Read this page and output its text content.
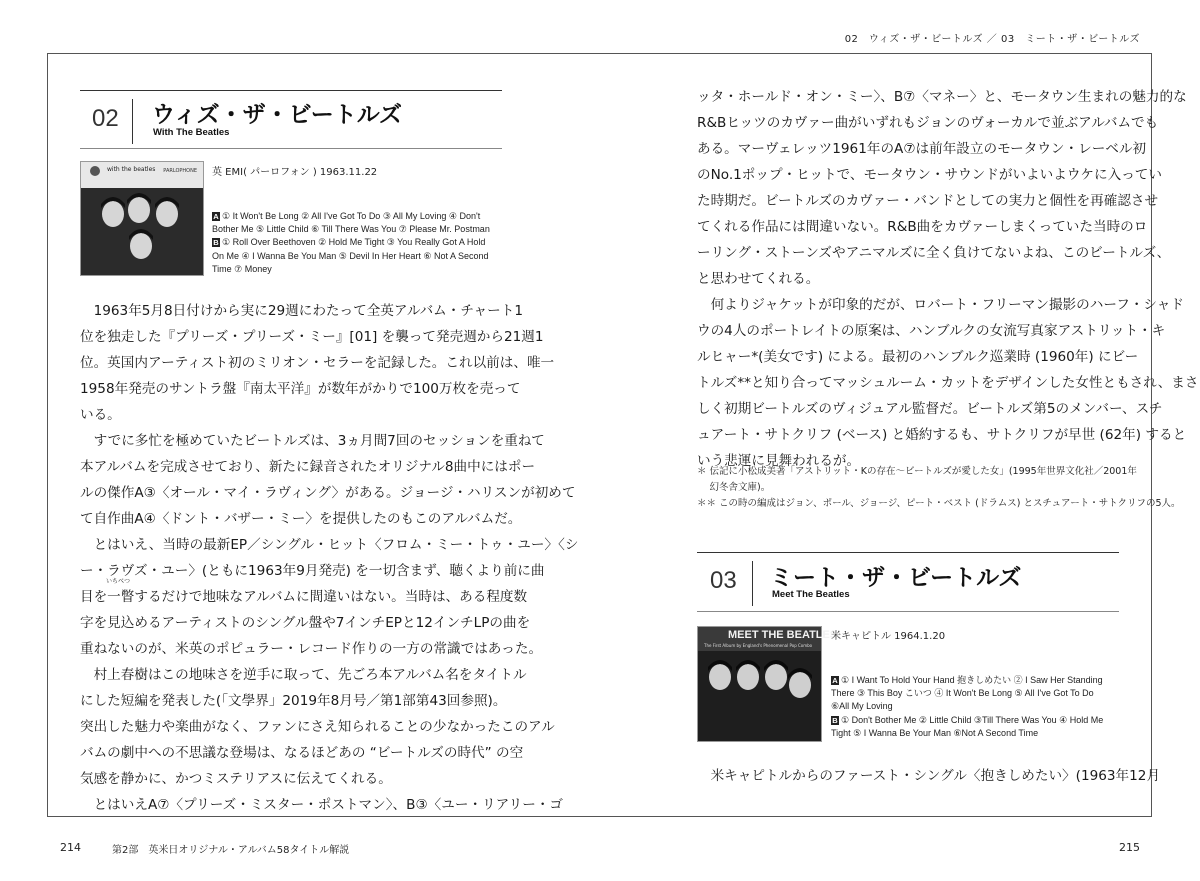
02　ウィズ・ザ・ビートルズ ／ 03　ミート・ザ・ビートルズ
02 ウィズ・ザ・ビートルズ
With The Beatles
with the beatles PARLOPHONE 英 EMI( パーロフォン ) 1963.11.22
A ① It Won't Be Long ② All I've Got To Do ③ All My Loving ④ Don't
Bother Me ⑤ Little Child ⑥ Till There Was You ⑦ Please Mr. Postman
B ① Roll Over Beethoven ② Hold Me Tight ③ You Really Got A Hold
On Me ④ I Wanna Be You Man ⑤ Devil In Her Heart ⑥ Not A Second
Time ⑦ Money
　1963年5月8日付けから実に29週にわたって全英アルバム・チャート1
位を独走した『プリーズ・プリーズ・ミー』[01] を襲って発売週から21週1
位。英国内アーティスト初のミリオン・セラーを記録した。これ以前は、唯一
1958年発売のサントラ盤『南太平洋』が数年がかりで100万枚を売って
いる。
　すでに多忙を極めていたビートルズは、3ヵ月間7回のセッションを重ねて
本アルバムを完成させており、新たに録音されたオリジナル8曲中にはポー
ルの傑作A③〈オール・マイ・ラヴィング〉がある。ジョージ・ハリスンが初めて
て自作曲A④〈ドント・バザー・ミー〉を提供したのもこのアルバムだ。
　とはいえ、当時の最新EP／シングル・ヒット〈フロム・ミー・トゥ・ユー〉〈シ
ー・ラヴズ・ユー〉(ともに1963年9月発売) を一切含まず、聴くより前に曲
目を一瞥するだけで地味なアルバムに間違いはない。当時は、ある程度数
いちべつ
字を見込めるアーティストのシングル盤や7インチEPと12インチLPの曲を
重ねないのが、米英のポピュラー・レコード作りの一方の常識ではあった。
　村上春樹はこの地味さを逆手に取って、先ごろ本アルバム名をタイトル
にした短編を発表した(「文學界」2019年8月号／第1部第43回参照)。
突出した魅力や楽曲がなく、ファンにさえ知られることの少なかったこのアル
バムの劇中への不思議な登場は、なるほどあの “ビートルズの時代” の空
気感を静かに、かつミステリアスに伝えてくれる。
　とはいえA⑦〈プリーズ・ミスター・ポストマン〉、B③〈ユー・リアリー・ゴ
ッタ・ホールド・オン・ミー〉、B⑦〈マネー〉と、モータウン生まれの魅力的な
R&Bヒッツのカヴァー曲がいずれもジョンのヴォーカルで並ぶアルバムでも
ある。マーヴェレッツ1961年のA⑦は前年設立のモータウン・レーベル初
のNo.1ポップ・ヒットで、モータウン・サウンドがいよいよウケに入ってい
た時期だ。ビートルズのカヴァー・バンドとしての実力と個性を再確認させ
てくれる作品には間違いない。R&B曲をカヴァーしまくっていた当時のロ
ーリング・ストーンズやアニマルズに全く負けてないよね、このビートルズ、
と思わせてくれる。
　何よりジャケットが印象的だが、ロバート・フリーマン撮影のハーフ・シャド
ウの4人のポートレイトの原案は、ハンブルクの女流写真家アストリット・キ
ルヒャー*(美女です) による。最初のハンブルク巡業時 (1960年) にビー
トルズ**と知り合ってマッシュルーム・カットをデザインした女性ともされ、まさ
しく初期ビートルズのヴィジュアル監督だ。ビートルズ第5のメンバー、スチ
ュアート・サトクリフ (ベース) と婚約するも、サトクリフが早世 (62年) すると
いう悲運に見舞われるが。
＊ 伝記に小松成美著「アストリット・Kの存在〜ビートルズが愛した女」(1995年世界文化社／2001年
　 幻冬舎文庫)。
＊＊ この時の編成はジョン、ポール、ジョージ、ピート・ベスト (ドラムス) とスチュアート・サトクリフの5人。
03 ミート・ザ・ビートルズ
Meet The Beatles
MEET THE BEATLES!
The First Album by England's Phenomenal Pop Combo
米キャピトル 1964.1.20
A ① I Want To Hold Your Hand 抱きしめたい ② I Saw Her Standing
There ③ This Boy こいつ ④ It Won't Be Long ⑤ All I've Got To Do
⑥All My Loving
B ① Don't Bother Me ② Little Child ③Till There Was You ④ Hold Me
Tight ⑤ I Wanna Be Your Man ⑥Not A Second Time
　米キャピトルからのファースト・シングル〈抱きしめたい〉(1963年12月
214	第2部　英米日オリジナル・アルバム58タイトル解説	215
